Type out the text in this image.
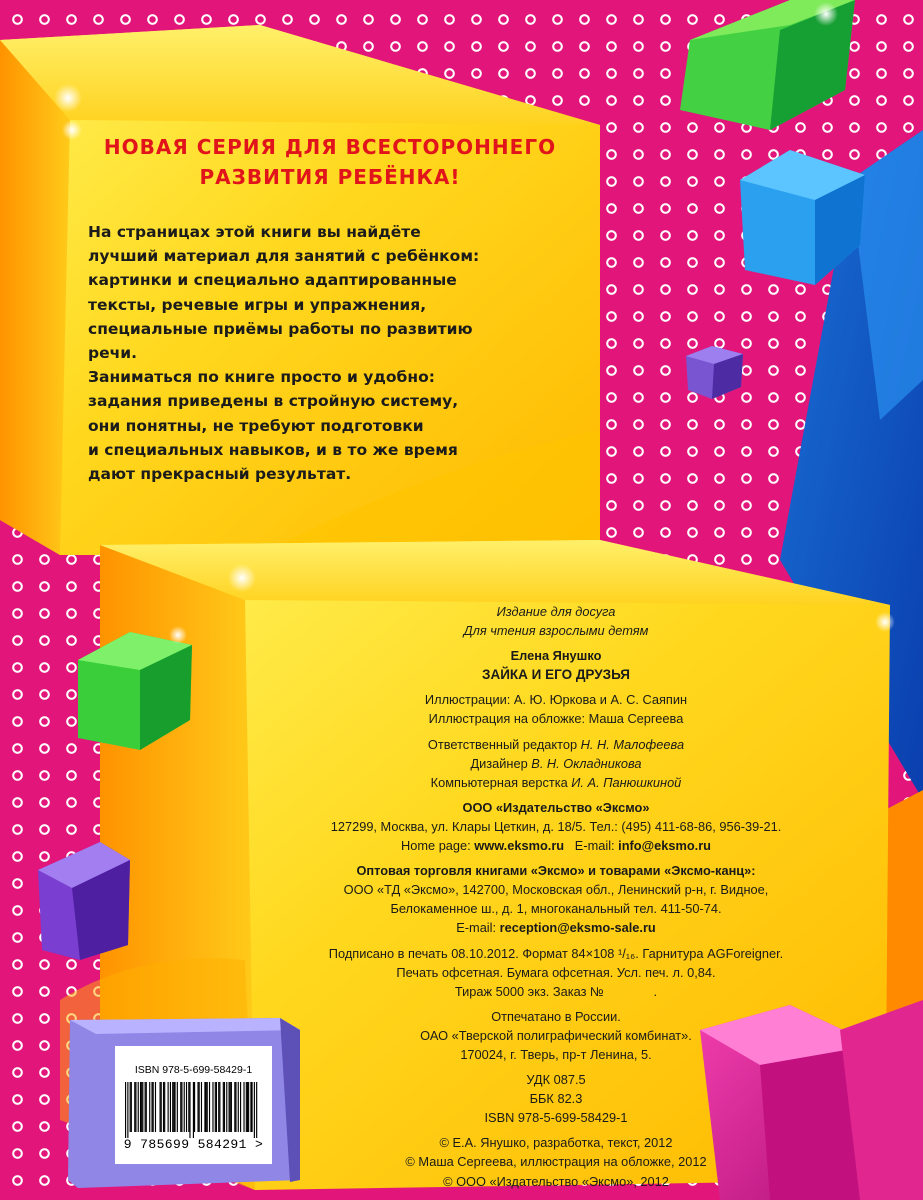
НОВАЯ СЕРИЯ ДЛЯ ВСЕСТОРОННЕГО
РАЗВИТИЯ РЕБЁНКА!
На страницах этой книги вы найдёте
лучший материал для занятий с ребёнком:
картинки и специально адаптированные
тексты, речевые игры и упражнения,
специальные приёмы работы по развитию
речи.
Заниматься по книге просто и удобно:
задания приведены в стройную систему,
они понятны, не требуют подготовки
и специальных навыков, и в то же время
дают прекрасный результат.
Издание для досуга
Для чтения взрослыми детям
Елена Янушко
ЗАЙКА И ЕГО ДРУЗЬЯ
Иллюстрации: А. Ю. Юркова и А. С. Саяпин
Иллюстрация на обложке: Маша Сергеева
Ответственный редактор Н. Н. Малофеева
Дизайнер В. Н. Окладникова
Компьютерная верстка И. А. Панюшкиной
ООО «Издательство «Эксмо»
127299, Москва, ул. Клары Цеткин, д. 18/5. Тел.: (495) 411-68-86, 956-39-21.
Home page: www.eksmo.ru   E-mail: info@eksmo.ru
Оптовая торговля книгами «Эксмо» и товарами «Эксмо-канц»:
ООО «ТД «Эксмо», 142700, Московская обл., Ленинский р-н, г. Видное,
Белокаменное ш., д. 1, многоканальный тел. 411-50-74.
E-mail: reception@eksmo-sale.ru
Подписано в печать 08.10.2012. Формат 84×108 ¹/₁₆. Гарнитура AGForeigner.
Печать офсетная. Бумага офсетная. Усл. печ. л. 0,84.
Тираж 5000 экз. Заказ №              .
Отпечатано в России.
ОАО «Тверской полиграфический комбинат».
170024, г. Тверь, пр-т Ленина, 5.
УДК 087.5
ББК 82.3
ISBN 978-5-699-58429-1
© Е.А. Янушко, разработка, текст, 2012
© Маша Сергеева, иллюстрация на обложке, 2012
© ООО «Издательство «Эксмо», 2012
ISBN 978-5-699-58429-1
9 785699 584291 >
